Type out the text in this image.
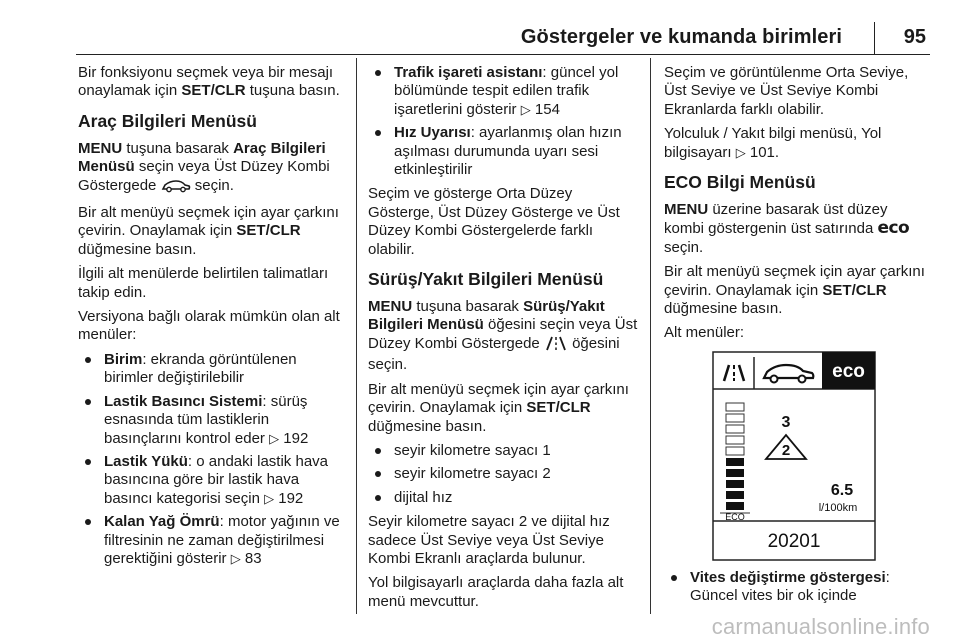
Göstergeler ve kumanda birimleri	95

Bir fonksiyonu seçmek veya bir mesajı onaylamak için SET/CLR tuşuna basın.

Araç Bilgileri Menüsü

MENU tuşuna basarak Araç Bilgileri Menüsü seçin veya Üst Düzey Kombi Göstergede  seçin.

Bir alt menüyü seçmek için ayar çarkını çevirin. Onaylamak için SET/CLR düğmesine basın.

İlgili alt menülerde belirtilen talimatları takip edin.

Versiyona bağlı olarak mümkün olan alt menüler:

Birim: ekranda görüntülenen birimler değiştirilebilir
Lastik Basıncı Sistemi: sürüş esnasında tüm lastiklerin basınçlarını kontrol eder ▷ 192
Lastik Yükü: o andaki lastik hava basıncına göre bir lastik hava basıncı kategorisi seçin ▷ 192
Kalan Yağ Ömrü: motor yağının ve filtresinin ne zaman değiştirilmesi gerektiğini gösterir ▷ 83
Trafik işareti asistanı: güncel yol bölümünde tespit edilen trafik işaretlerini gösterir ▷ 154
Hız Uyarısı: ayarlanmış olan hızın aşılması durumunda uyarı sesi etkinleştirilir

Seçim ve gösterge Orta Düzey Gösterge, Üst Düzey Gösterge ve Üst Düzey Kombi Göstergelerde farklı olabilir.

Sürüş/Yakıt Bilgileri Menüsü

MENU tuşuna basarak Sürüş/Yakıt Bilgileri Menüsü öğesini seçin veya Üst Düzey Kombi Göstergede  öğesini seçin.

Bir alt menüyü seçmek için ayar çarkını çevirin. Onaylamak için SET/CLR düğmesine basın.

seyir kilometre sayacı 1
seyir kilometre sayacı 2
dijital hız

Seyir kilometre sayacı 2 ve dijital hız sadece Üst Seviye veya Üst Seviye Kombi Ekranlı araçlarda bulunur.

Yol bilgisayarlı araçlarda daha fazla alt menü mevcuttur.

Seçim ve görüntülenme Orta Seviye, Üst Seviye ve Üst Seviye Kombi Ekranlarda farklı olabilir.

Yolculuk / Yakıt bilgi menüsü, Yol bilgisayarı ▷ 101.

ECO Bilgi Menüsü

MENU üzerine basarak üst düzey kombi göstergenin üst satırında eco seçin.

Bir alt menüyü seçmek için ayar çarkını çevirin. Onaylamak için SET/CLR düğmesine basın.

Alt menüler:

eco
ECO
3
2
6.5
l/100km
20201
Vites değiştirme göstergesi:
Güncel vites bir ok içinde
carmanualsonline.info
